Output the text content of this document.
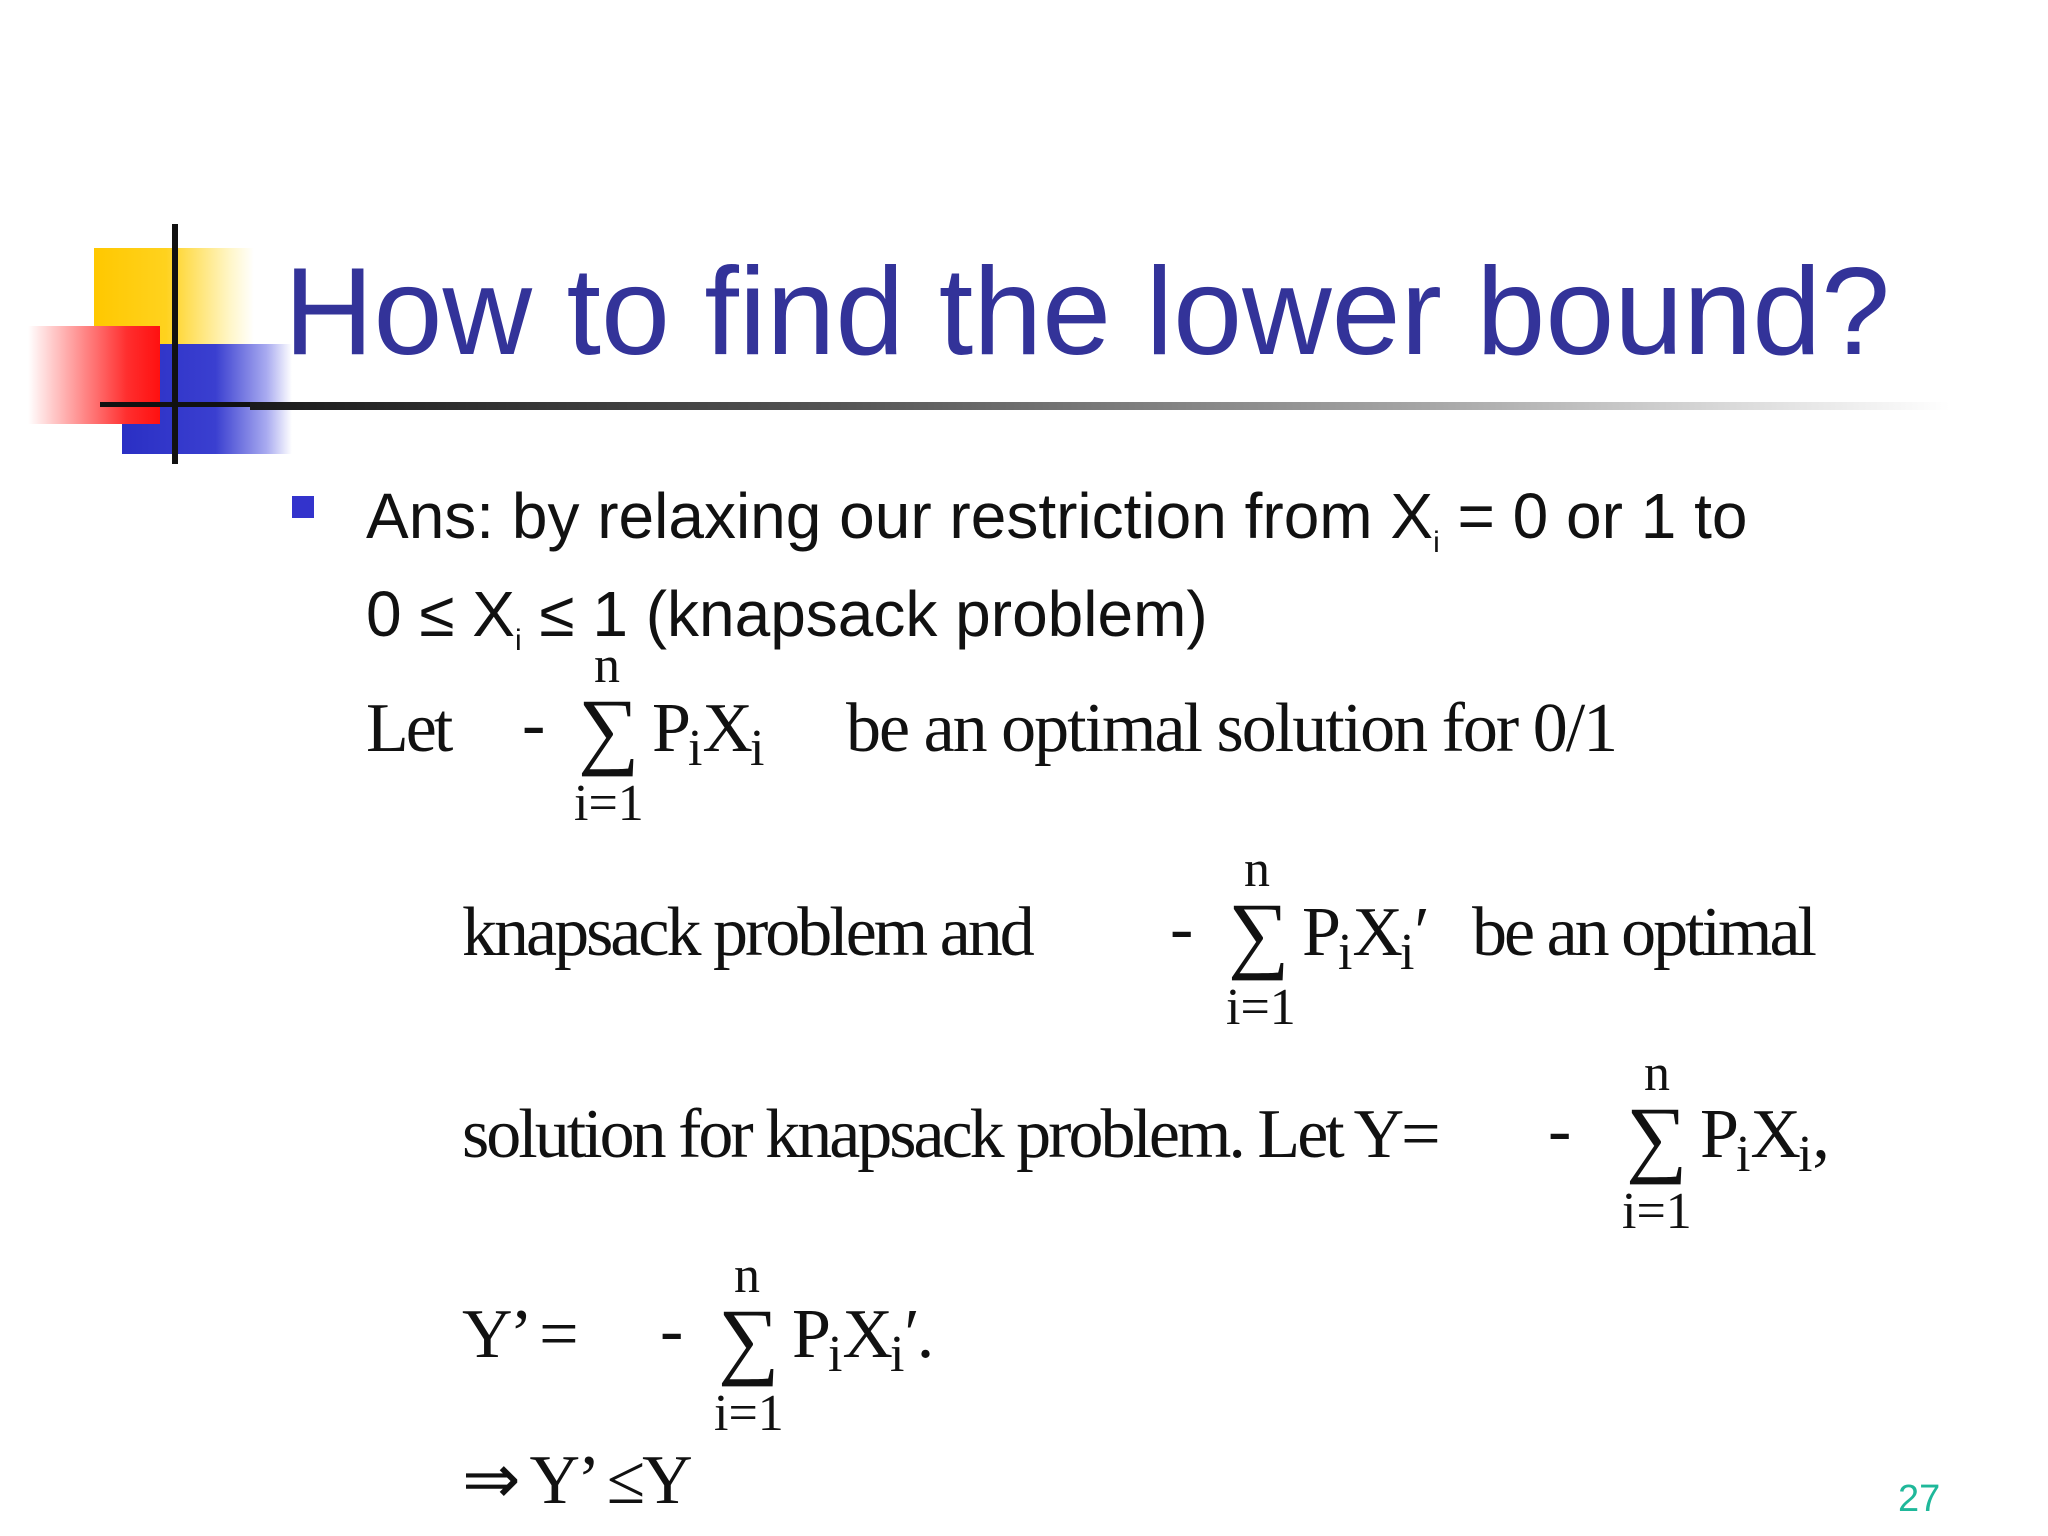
How to find the lower bound?
Ans: by relaxing our restriction from $X_i = 0$ or 1 to
$0 \le X_i \le 1$ (knapsack problem)
Let -
n
∑
i=1
$P_iX_i$ be an optimal solution for 0/1
knapsack problem and -
n
∑
i=1
$P_iX_i'$ be an optimal
solution for knapsack problem. Let Y= -
n
∑
i=1
$P_iX_i$,
Y’ = -
n
∑
i=1
$P_iX_i'$.
⇒ Y’ ≤Y	27
